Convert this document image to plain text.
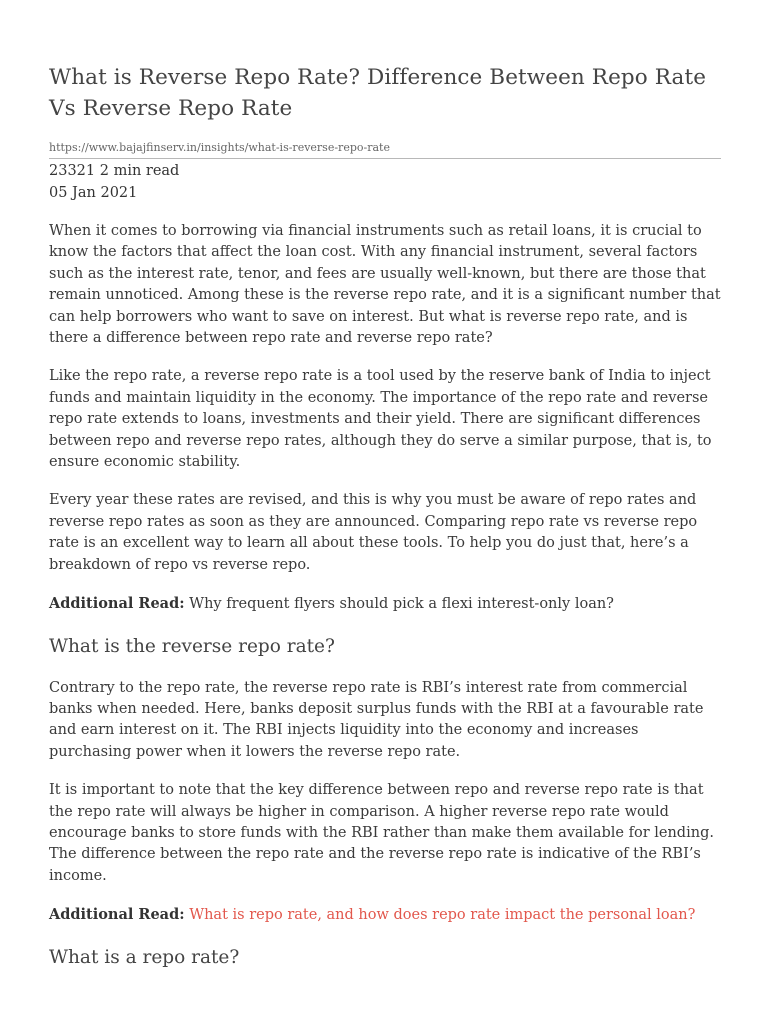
What is Reverse Repo Rate? Difference Between Repo Rate Vs Reverse Repo Rate
https://www.bajajfinserv.in/insights/what-is-reverse-repo-rate
23321 2 min read
05 Jan 2021

When it comes to borrowing via financial instruments such as retail loans, it is crucial to know the factors that affect the loan cost. With any financial instrument, several factors such as the interest rate, tenor, and fees are usually well-known, but there are those that remain unnoticed. Among these is the reverse repo rate, and it is a significant number that can help borrowers who want to save on interest. But what is reverse repo rate, and is there a difference between repo rate and reverse repo rate?

Like the repo rate, a reverse repo rate is a tool used by the reserve bank of India to inject funds and maintain liquidity in the economy. The importance of the repo rate and reverse repo rate extends to loans, investments and their yield. There are significant differences between repo and reverse repo rates, although they do serve a similar purpose, that is, to ensure economic stability.

Every year these rates are revised, and this is why you must be aware of repo rates and reverse repo rates as soon as they are announced. Comparing repo rate vs reverse repo rate is an excellent way to learn all about these tools. To help you do just that, here’s a breakdown of repo vs reverse repo.

Additional Read: Why frequent flyers should pick a flexi interest-only loan?

What is the reverse repo rate?

Contrary to the repo rate, the reverse repo rate is RBI’s interest rate from commercial banks when needed. Here, banks deposit surplus funds with the RBI at a favourable rate and earn interest on it. The RBI injects liquidity into the economy and increases purchasing power when it lowers the reverse repo rate.

It is important to note that the key difference between repo and reverse repo rate is that the repo rate will always be higher in comparison. A higher reverse repo rate would encourage banks to store funds with the RBI rather than make them available for lending. The difference between the repo rate and the reverse repo rate is indicative of the RBI’s income.

Additional Read: What is repo rate, and how does repo rate impact the personal loan?

What is a repo rate?
